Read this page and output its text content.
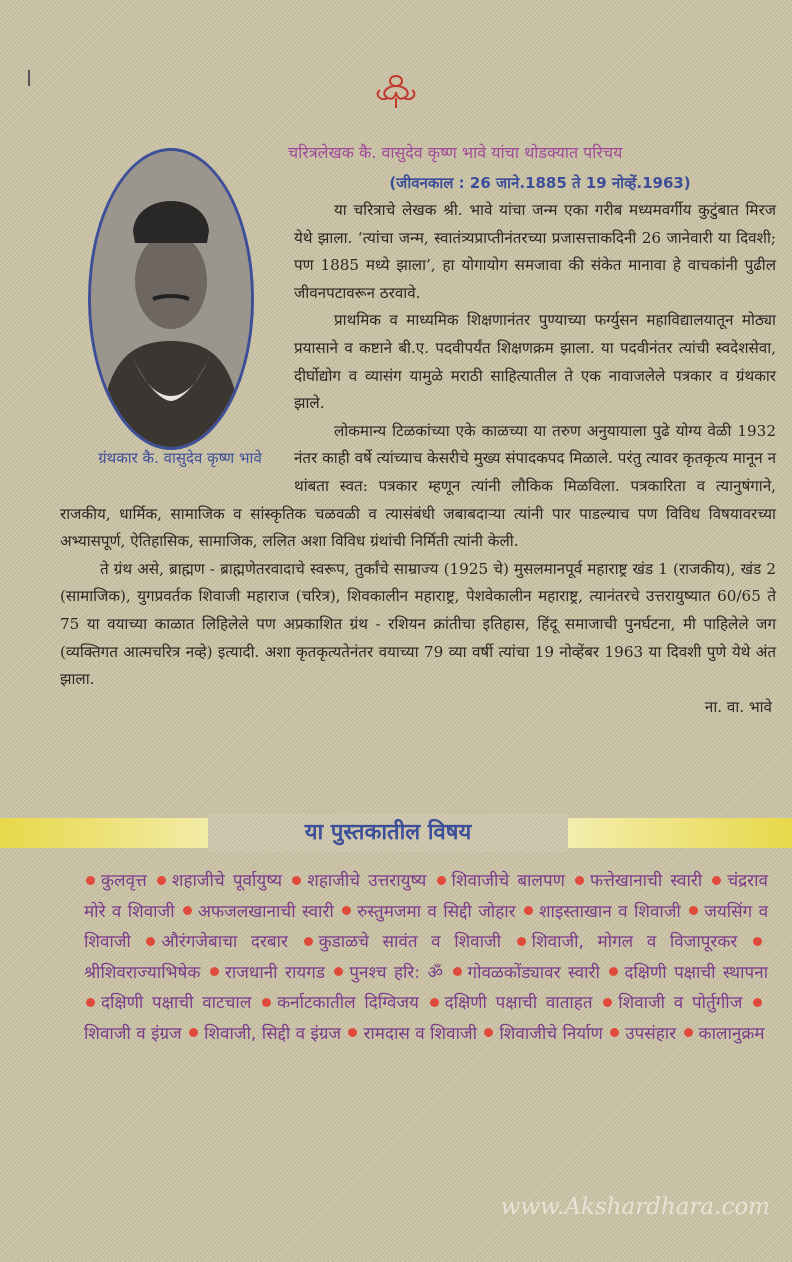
चरित्रलेखक कै. वासुदेव कृष्ण भावे यांचा थोडक्यात परिचय
(जीवनकाल : 26 जाने.1885 ते 19 नोव्हें.1963)
ग्रंथकार कै. वासुदेव कृष्ण भावे

या चरित्राचे लेखक श्री. भावे यांचा जन्म एका गरीब मध्यमवर्गीय कुटुंबात मिरज येथे झाला. ‘त्यांचा जन्म, स्वातंत्र्यप्राप्तीनंतरच्या प्रजासत्ताकदिनी 26 जानेवारी या दिवशी; पण 1885 मध्ये झाला’, हा योगायोग समजावा की संकेत मानावा हे वाचकांनी पुढील जीवनपटावरून ठरवावे.

प्राथमिक व माध्यमिक शिक्षणानंतर पुण्याच्या फर्ग्युसन महाविद्यालयातून मोठ्या प्रयासाने व कष्टाने बी.ए. पदवीपर्यंत शिक्षणक्रम झाला. या पदवीनंतर त्यांची स्वदेशसेवा, दीर्घोद्योग व व्यासंग यामुळे मराठी साहित्यातील ते एक नावाजलेले पत्रकार व ग्रंथकार झाले.

लोकमान्य टिळकांच्या एके काळच्या या तरुण अनुयायाला पुढे योग्य वेळी 1932 नंतर काही वर्षे त्यांच्याच केसरीचे मुख्य संपादकपद मिळाले. परंतु त्यावर कृतकृत्य मानून न थांबता स्वत: पत्रकार म्हणून त्यांनी लौकिक मिळविला. पत्रकारिता व त्यानुषंगाने, राजकीय, धार्मिक, सामाजिक व सांस्कृतिक चळवळी व त्यासंबंधी जबाबदाऱ्या त्यांनी पार पाडल्याच पण विविध विषयावरच्या अभ्यासपूर्ण, ऐतिहासिक, सामाजिक, ललित अशा विविध ग्रंथांची निर्मिती त्यांनी केली.

ते ग्रंथ असे, ब्राह्मण - ब्राह्मणेतरवादाचे स्वरूप, तुर्कांचे साम्राज्य (1925 चे) मुसलमानपूर्व महाराष्ट्र खंड 1 (राजकीय), खंड 2 (सामाजिक), युगप्रवर्तक शिवाजी महाराज (चरित्र), शिवकालीन महाराष्ट्र, पेशवेकालीन महाराष्ट्र, त्यानंतरचे उत्तरायुष्यात 60/65 ते 75 या वयाच्या काळात लिहिलेले पण अप्रकाशित ग्रंथ - रशियन क्रांतीचा इतिहास, हिंदू समाजाची पुनर्घटना, मी पाहिलेले जग (व्यक्तिगत आत्मचरित्र नव्हे) इत्यादी. अशा कृतकृत्यतेनंतर वयाच्या 79 व्या वर्षी त्यांचा 19 नोव्हेंबर 1963 या दिवशी पुणे येथे अंत झाला.

ना. वा. भावे

या पुस्तकातील विषय
कुलवृत्त शहाजीचे पूर्वायुष्य शहाजीचे उत्तरायुष्य शिवाजीचे बालपण फत्तेखानाची स्वारी चंद्रराव मोरे व शिवाजी अफजलखानाची स्वारी रुस्तुमजमा व सिद्दी जोहार शाइस्ताखान व शिवाजी जयसिंग व शिवाजी औरंगजेबाचा दरबार कुडाळचे सावंत व शिवाजी शिवाजी, मोगल व विजापूरकर श्रीशिवराज्याभिषेक राजधानी रायगड पुनश्च हरि: ॐ गोवळकोंड्यावर स्वारी दक्षिणी पक्षाची स्थापना दक्षिणी पक्षाची वाटचाल कर्नाटकातील दिग्विजय दक्षिणी पक्षाची वाताहत शिवाजी व पोर्तुगीज शिवाजी व इंग्रज शिवाजी, सिद्दी व इंग्रज रामदास व शिवाजी शिवाजीचे निर्याण उपसंहार कालानुक्रम
www.Akshardhara.com
